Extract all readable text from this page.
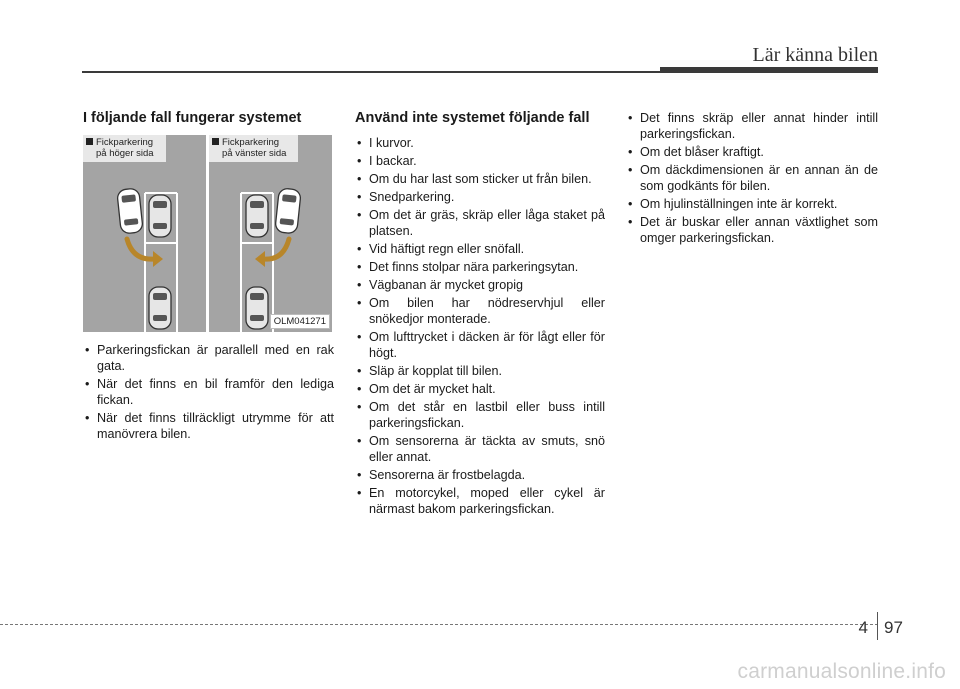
Lär känna bilen
I följande fall fungerar systemet
Fickparkering
på höger sida
Fickparkering
på vänster sida
OLM041271
• Parkeringsfickan är parallell med en rak gata.
• När det finns en bil framför den lediga fickan.
• När det finns tillräckligt utrymme för att manövrera bilen.
Använd inte systemet följande fall
• I kurvor.
• I backar.
• Om du har last som sticker ut från bilen.
• Snedparkering.
• Om det är gräs, skräp eller låga staket på platsen.
• Vid häftigt regn eller snöfall.
• Det finns stolpar nära parkeringsytan.
• Vägbanan är mycket gropig
• Om bilen har nödreservhjul eller snökedjor monterade.
• Om lufttrycket i däcken är för lågt eller för högt.
• Släp är kopplat till bilen.
• Om det är mycket halt.
• Om det står en lastbil eller buss intill parkeringsfickan.
• Om sensorerna är täckta av smuts, snö eller annat.
• Sensorerna är frostbelagda.
• En motorcykel, moped eller cykel är närmast bakom parkeringsfickan.
• Det finns skräp eller annat hinder intill parkeringsfickan.
• Om det blåser kraftigt.
• Om däckdimensionen är en annan än de som godkänts för bilen.
• Om hjulinställningen inte är korrekt.
• Det är buskar eller annan växtlighet som omger parkeringsfickan.
4 97
carmanualsonline.info
